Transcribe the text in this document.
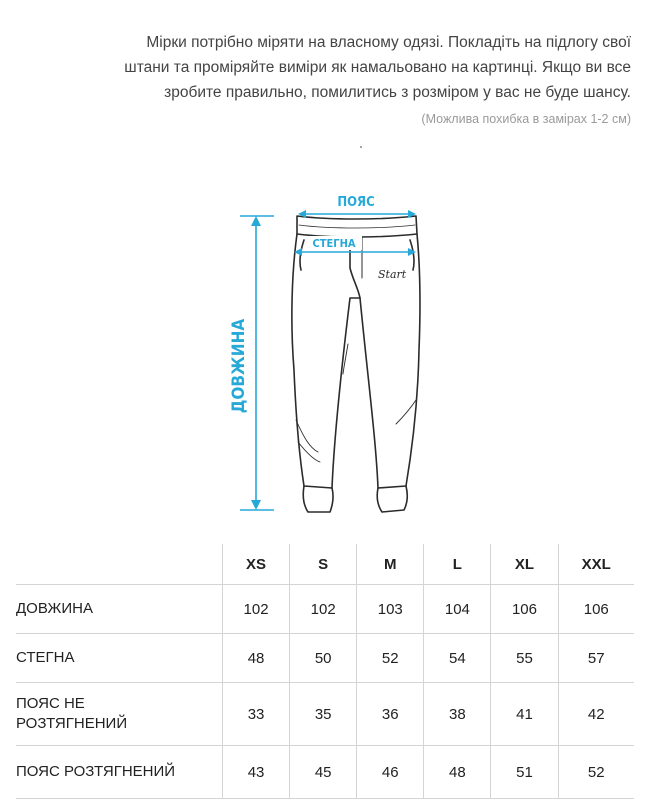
Мірки потрібно міряти на власному одязі. Покладіть на підлогу свої
штани та проміряйте виміри як намальовано на картинці. Якщо ви все
зробите правильно, помилитись з розміром у вас не буде шансу.
(Можлива похибка в замірах 1-2 см)
Start
ПОЯС
СТЕГНА
ДОВЖИНА
	XS	S	M	L	XL	XXL
ДОВЖИНА	102	102	103	104	106	106
СТЕГНА	48	50	52	54	55	57

ПОЯС НЕ
РОЗТЯГНЕНИЙ	33	35	36	38	41	42
ПОЯС РОЗТЯГНЕНИЙ	43	45	46	48	51	52
